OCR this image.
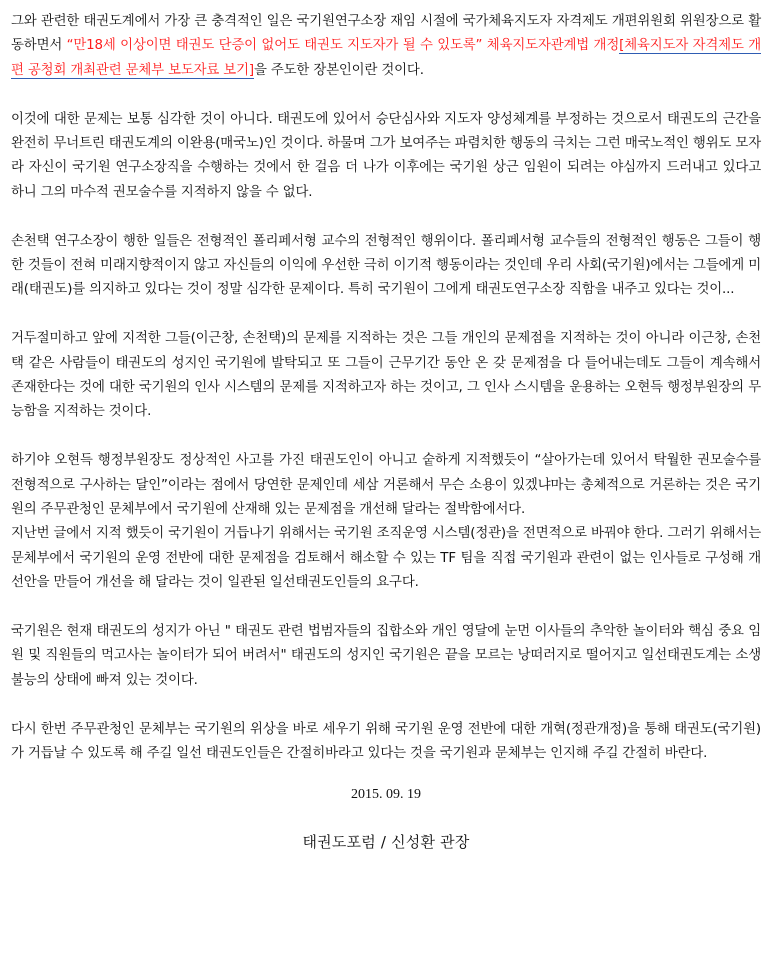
그와 관련한 태권도계에서 가장 큰 충격적인 일은 국기원연구소장 재임 시절에 국가체육지도자 자격제도 개편위원회 위원장으로 활동하면서 “만18세 이상이면 태권도 단증이 없어도 태권도 지도자가 될 수 있도록” 체육지도자관계법 개정[체육지도자 자격제도 개편 공청회 개최관련 문체부 보도자료 보기]을 주도한 장본인이란 것이다.

이것에 대한 문제는 보통 심각한 것이 아니다. 태권도에 있어서 승단심사와 지도자 양성체계를 부정하는 것으로서 태권도의 근간을 완전히 무너트린 태권도계의 이완용(매국노)인 것이다. 하물며 그가 보여주는 파렴치한 행동의 극치는 그런 매국노적인 행위도 모자라 자신이 국기원 연구소장직을 수행하는 것에서 한 걸음 더 나가 이후에는 국기원 상근 임원이 되려는 야심까지 드러내고 있다고 하니 그의 마수적 권모술수를 지적하지 않을 수 없다.

손천택 연구소장이 행한 일들은 전형적인 폴리페서형 교수의 전형적인 행위이다. 폴리페서형 교수들의 전형적인 행동은 그들이 행한 것들이 전혀 미래지향적이지 않고 자신들의 이익에 우선한 극히 이기적 행동이라는 것인데 우리 사회(국기원)에서는 그들에게 미래(태권도)를 의지하고 있다는 것이 정말 심각한 문제이다. 특히 국기원이 그에게 태권도연구소장 직함을 내주고 있다는 것이...

거두절미하고 앞에 지적한 그들(이근창, 손천택)의 문제를 지적하는 것은 그들 개인의 문제점을 지적하는 것이 아니라 이근창, 손천택 같은 사람들이 태권도의 성지인 국기원에 발탁되고 또 그들이 근무기간 동안 온 갖 문제점을 다 들어내는데도 그들이 계속해서 존재한다는 것에 대한 국기원의 인사 시스템의 문제를 지적하고자 하는 것이고, 그 인사 스시템을 운용하는 오현득 행정부원장의 무능함을 지적하는 것이다.

하기야 오현득 행정부원장도 정상적인 사고를 가진 태권도인이 아니고 숱하게 지적했듯이 “살아가는데 있어서 탁월한 권모술수를 전형적으로 구사하는 달인”이라는 점에서 당연한 문제인데 세삼 거론해서 무슨 소용이 있겠냐마는 총체적으로 거론하는 것은 국기원의 주무관청인 문체부에서 국기원에 산재해 있는 문제점을 개선해 달라는 절박함에서다.

지난번 글에서 지적 했듯이 국기원이 거듭나기 위해서는 국기원 조직운영 시스템(정관)을 전면적으로 바꿔야 한다. 그러기 위해서는 문체부에서 국기원의 운영 전반에 대한 문제점을 검토해서 해소할 수 있는 TF 팀을 직접 국기원과 관련이 없는 인사들로 구성해 개선안을 만들어 개선을 해 달라는 것이 일관된 일선태권도인들의 요구다.

국기원은 현재 태권도의 성지가 아닌 " 태권도 관련 법범자들의 집합소와 개인 영달에 눈먼 이사들의 추악한 놀이터와 핵심 중요 임원 및 직원들의 먹고사는 놀이터가 되어 버려서" 태권도의 성지인 국기원은 끝을 모르는 낭떠러지로 떨어지고 일선태권도계는 소생불능의 상태에 빠져 있는 것이다.

다시 한번 주무관청인 문체부는 국기원의 위상을 바로 세우기 위해 국기원 운영 전반에 대한 개혁(정관개정)을 통해 태권도(국기원)가 거듭날 수 있도록 해 주길 일선 태권도인들은 간절히바라고 있다는 것을 국기원과 문체부는 인지해 주길 간절히 바란다.

2015. 09. 19
태권도포럼 / 신성환 관장
